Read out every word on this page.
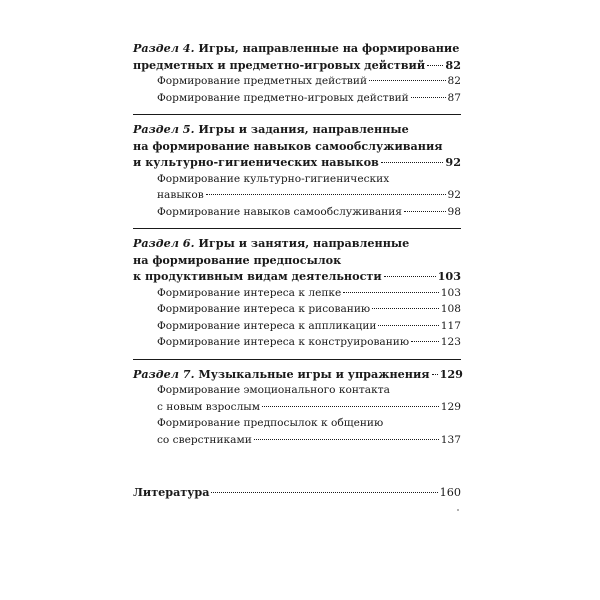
Раздел 4. Игры, направленные на формирование
предметных и предметно-игровых действий 82
Формирование предметных действий	82
Формирование предметно-игровых действий	87
Раздел 5. Игры и задания, направленные
на формирование навыков самообслуживания
и культурно-гигиенических навыков	92
Формирование культурно-гигиенических
навыков	92
Формирование навыков самообслуживания	98
Раздел 6. Игры и занятия, направленные
на формирование предпосылок
к продуктивным видам деятельности	103
Формирование интереса к лепке	103
Формирование интереса к рисованию	108
Формирование интереса к аппликации	117
Формирование интереса к конструированию	123
Раздел 7. Музыкальные игры и упражнения 129
Формирование эмоционального контакта
с новым взрослым	129
Формирование предпосылок к общению
со сверстниками	137
Литература	160
